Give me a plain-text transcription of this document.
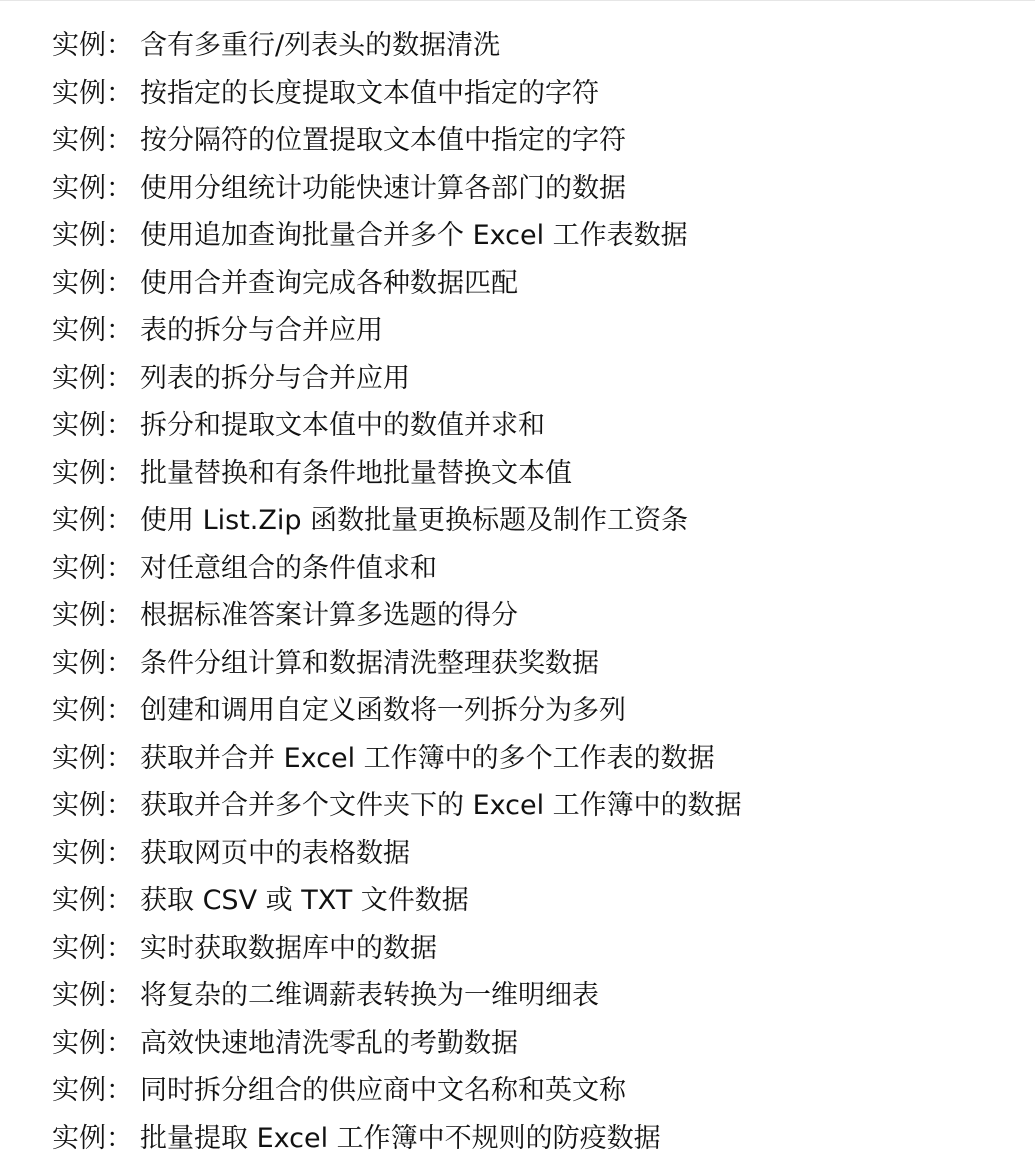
实例： 含有多重行/列表头的数据清洗
实例： 按指定的长度提取文本值中指定的字符
实例： 按分隔符的位置提取文本值中指定的字符
实例： 使用分组统计功能快速计算各部门的数据
实例： 使用追加查询批量合并多个 Excel 工作表数据
实例： 使用合并查询完成各种数据匹配
实例： 表的拆分与合并应用
实例： 列表的拆分与合并应用
实例： 拆分和提取文本值中的数值并求和
实例： 批量替换和有条件地批量替换文本值
实例： 使用 List.Zip 函数批量更换标题及制作工资条
实例： 对任意组合的条件值求和
实例： 根据标准答案计算多选题的得分
实例： 条件分组计算和数据清洗整理获奖数据
实例： 创建和调用自定义函数将一列拆分为多列
实例： 获取并合并 Excel 工作簿中的多个工作表的数据
实例： 获取并合并多个文件夹下的 Excel 工作簿中的数据
实例： 获取网页中的表格数据
实例： 获取 CSV 或 TXT 文件数据
实例： 实时获取数据库中的数据
实例： 将复杂的二维调薪表转换为一维明细表
实例： 高效快速地清洗零乱的考勤数据
实例： 同时拆分组合的供应商中文名称和英文称
实例： 批量提取 Excel 工作簿中不规则的防疫数据
